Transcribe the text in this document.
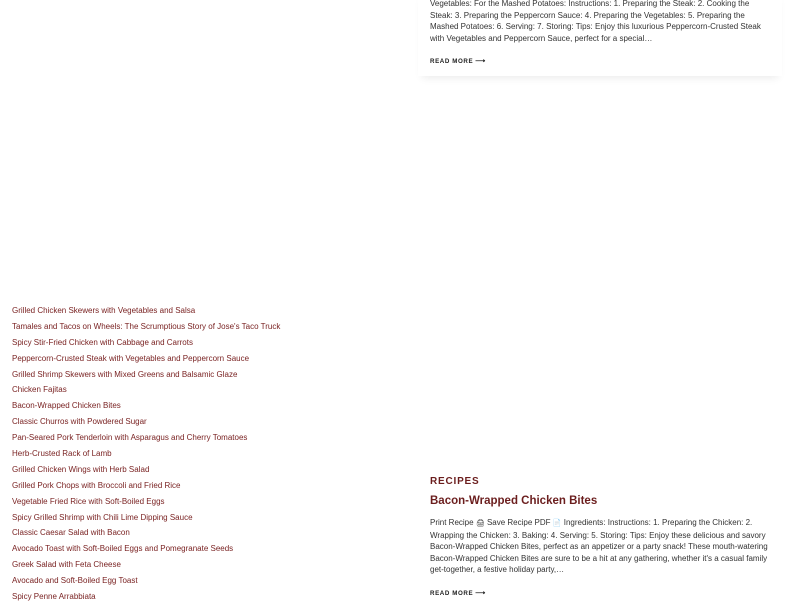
Vegetables: For the Mashed Potatoes: Instructions: 1. Preparing the Steak: 2. Cooking the Steak: 3. Preparing the Peppercorn Sauce: 4. Preparing the Vegetables: 5. Preparing the Mashed Potatoes: 6. Serving: 7. Storing: Tips: Enjoy this luxurious Peppercorn-Crusted Steak with Vegetables and Peppercorn Sauce, perfect for a special…

READ MORE ⟶
Grilled Chicken Skewers with Vegetables and Salsa
Tamales and Tacos on Wheels: The Scrumptious Story of Jose's Taco Truck
Spicy Stir-Fried Chicken with Cabbage and Carrots
Peppercorn-Crusted Steak with Vegetables and Peppercorn Sauce
Grilled Shrimp Skewers with Mixed Greens and Balsamic Glaze
Chicken Fajitas
Bacon-Wrapped Chicken Bites
Classic Churros with Powdered Sugar
Pan-Seared Pork Tenderloin with Asparagus and Cherry Tomatoes
Herb-Crusted Rack of Lamb
Grilled Chicken Wings with Herb Salad
Grilled Pork Chops with Broccoli and Fried Rice
Vegetable Fried Rice with Soft-Boiled Eggs
Spicy Grilled Shrimp with Chili Lime Dipping Sauce
Classic Caesar Salad with Bacon
Avocado Toast with Soft-Boiled Eggs and Pomegranate Seeds
Greek Salad with Feta Cheese
Avocado and Soft-Boiled Egg Toast
Spicy Penne Arrabbiata
RECIPES
Bacon-Wrapped Chicken Bites

Print Recipe 🖨 Save Recipe PDF 📄 Ingredients: Instructions: 1. Preparing the Chicken: 2. Wrapping the Chicken: 3. Baking: 4. Serving: 5. Storing: Tips: Enjoy these delicious and savory Bacon-Wrapped Chicken Bites, perfect as an appetizer or a party snack! These mouth-watering Bacon-Wrapped Chicken Bites are sure to be a hit at any gathering, whether it's a casual family get-together, a festive holiday party,…

READ MORE ⟶
